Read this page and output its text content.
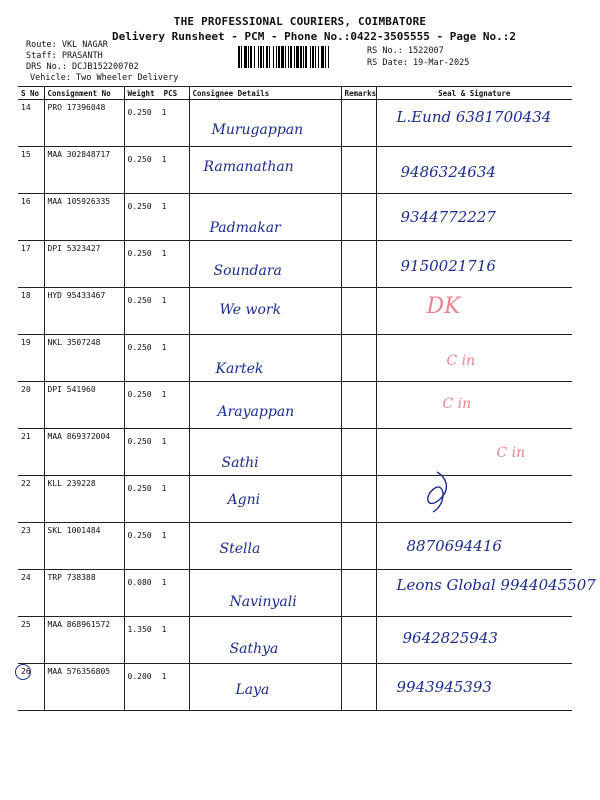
THE PROFESSIONAL COURIERS, COIMBATORE
Delivery Runsheet - PCM - Phone No.:0422-3505555 - Page No.:2
Route: VKL NAGAR
Staff: PRASANTH
DRS No.: DCJB152200702
Vehicle: Two Wheeler Delivery
RS No.: 1522007
RS Date: 19-Mar-2025
S No	Consignment No	Weight PCS	Consignee Details	Remarks	Seal & Signature
14	PRO 17396048	0.250 1	Murugappan		L.Eund 6381700434

15	MAA 302848717	0.250 1	Ramanathan		9486324634

16	MAA 105926335	0.250 1	Padmakar		9344772227

17	DPI 5323427	0.250 1	Soundara		9150021716

18	HYD 95433467	0.250 1	We work		DK

19	NKL 3507248	0.250 1	Kartek		C in

20	DPI 541960	0.250 1	Arayappan		C in

21	MAA 869372004	0.250 1	Sathi		C in

22	KLL 239228	0.250 1	Agni

23	SKL 1001484	0.250 1	Stella		8870694416

24	TRP 738388	0.080 1	Navinyali		Leons Global 9944045507

25	MAA 868961572	1.350 1	Sathya		9642825943

26	MAA 576356805	0.200 1	Laya		9943945393
